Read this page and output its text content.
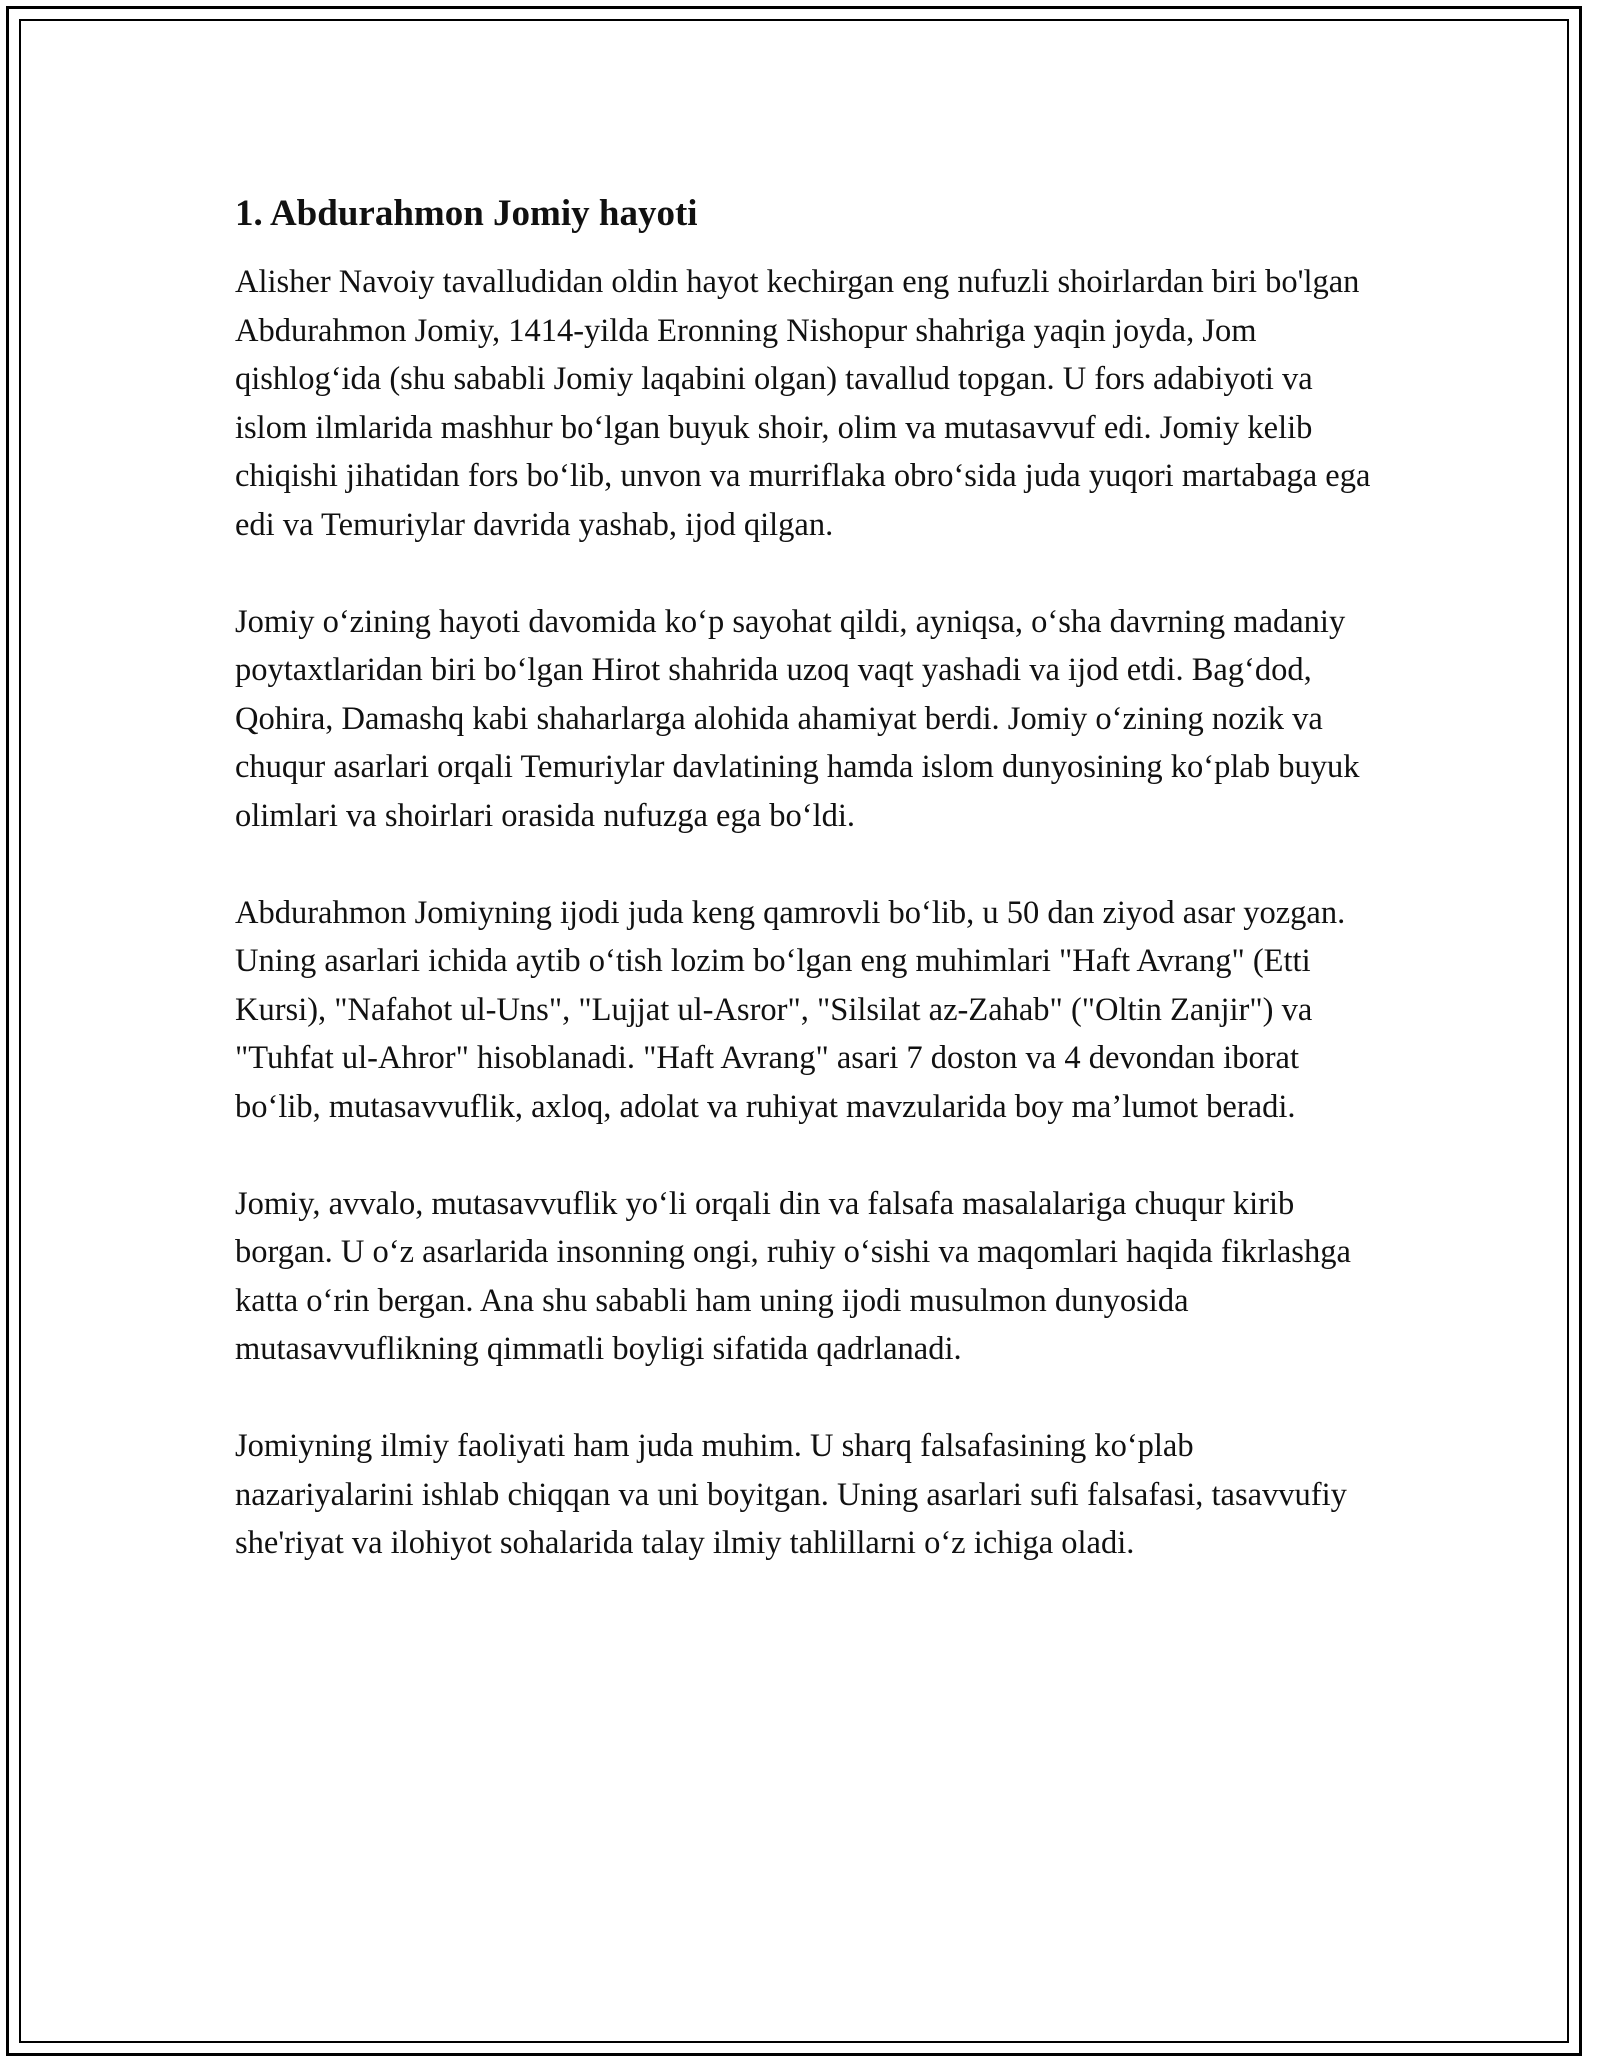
1. Abdurahmon Jomiy hayoti

Alisher Navoiy tavalludidan oldin hayot kechirgan eng nufuzli shoirlardan biri bo'lgan Abdurahmon Jomiy, 1414-yilda Eronning Nishopur shahriga yaqin joyda, Jom qishlog‘ida (shu sababli Jomiy laqabini olgan) tavallud topgan. U fors adabiyoti va islom ilmlarida mashhur bo‘lgan buyuk shoir, olim va mutasavvuf edi. Jomiy kelib chiqishi jihatidan fors bo‘lib, unvon va murriflaka obro‘sida juda yuqori martabaga ega edi va Temuriylar davrida yashab, ijod qilgan.

Jomiy o‘zining hayoti davomida ko‘p sayohat qildi, ayniqsa, o‘sha davrning madaniy poytaxtlaridan biri bo‘lgan Hirot shahrida uzoq vaqt yashadi va ijod etdi. Bag‘dod, Qohira, Damashq kabi shaharlarga alohida ahamiyat berdi. Jomiy o‘zining nozik va chuqur asarlari orqali Temuriylar davlatining hamda islom dunyosining ko‘plab buyuk olimlari va shoirlari orasida nufuzga ega bo‘ldi.

Abdurahmon Jomiyning ijodi juda keng qamrovli bo‘lib, u 50 dan ziyod asar yozgan. Uning asarlari ichida aytib o‘tish lozim bo‘lgan eng muhimlari "Haft Avrang" (Etti Kursi), "Nafahot ul-Uns", "Lujjat ul-Asror", "Silsilat az-Zahab" ("Oltin Zanjir") va "Tuhfat ul-Ahror" hisoblanadi. "Haft Avrang" asari 7 doston va 4 devondan iborat bo‘lib, mutasavvuflik, axloq, adolat va ruhiyat mavzularida boy ma’lumot beradi.

Jomiy, avvalo, mutasavvuflik yo‘li orqali din va falsafa masalalariga chuqur kirib borgan. U o‘z asarlarida insonning ongi, ruhiy o‘sishi va maqomlari haqida fikrlashga katta o‘rin bergan. Ana shu sababli ham uning ijodi musulmon dunyosida mutasavvuflikning qimmatli boyligi sifatida qadrlanadi.

Jomiyning ilmiy faoliyati ham juda muhim. U sharq falsafasining ko‘plab nazariyalarini ishlab chiqqan va uni boyitgan. Uning asarlari sufi falsafasi, tasavvufiy she'riyat va ilohiyot sohalarida talay ilmiy tahlillarni o‘z ichiga oladi.
